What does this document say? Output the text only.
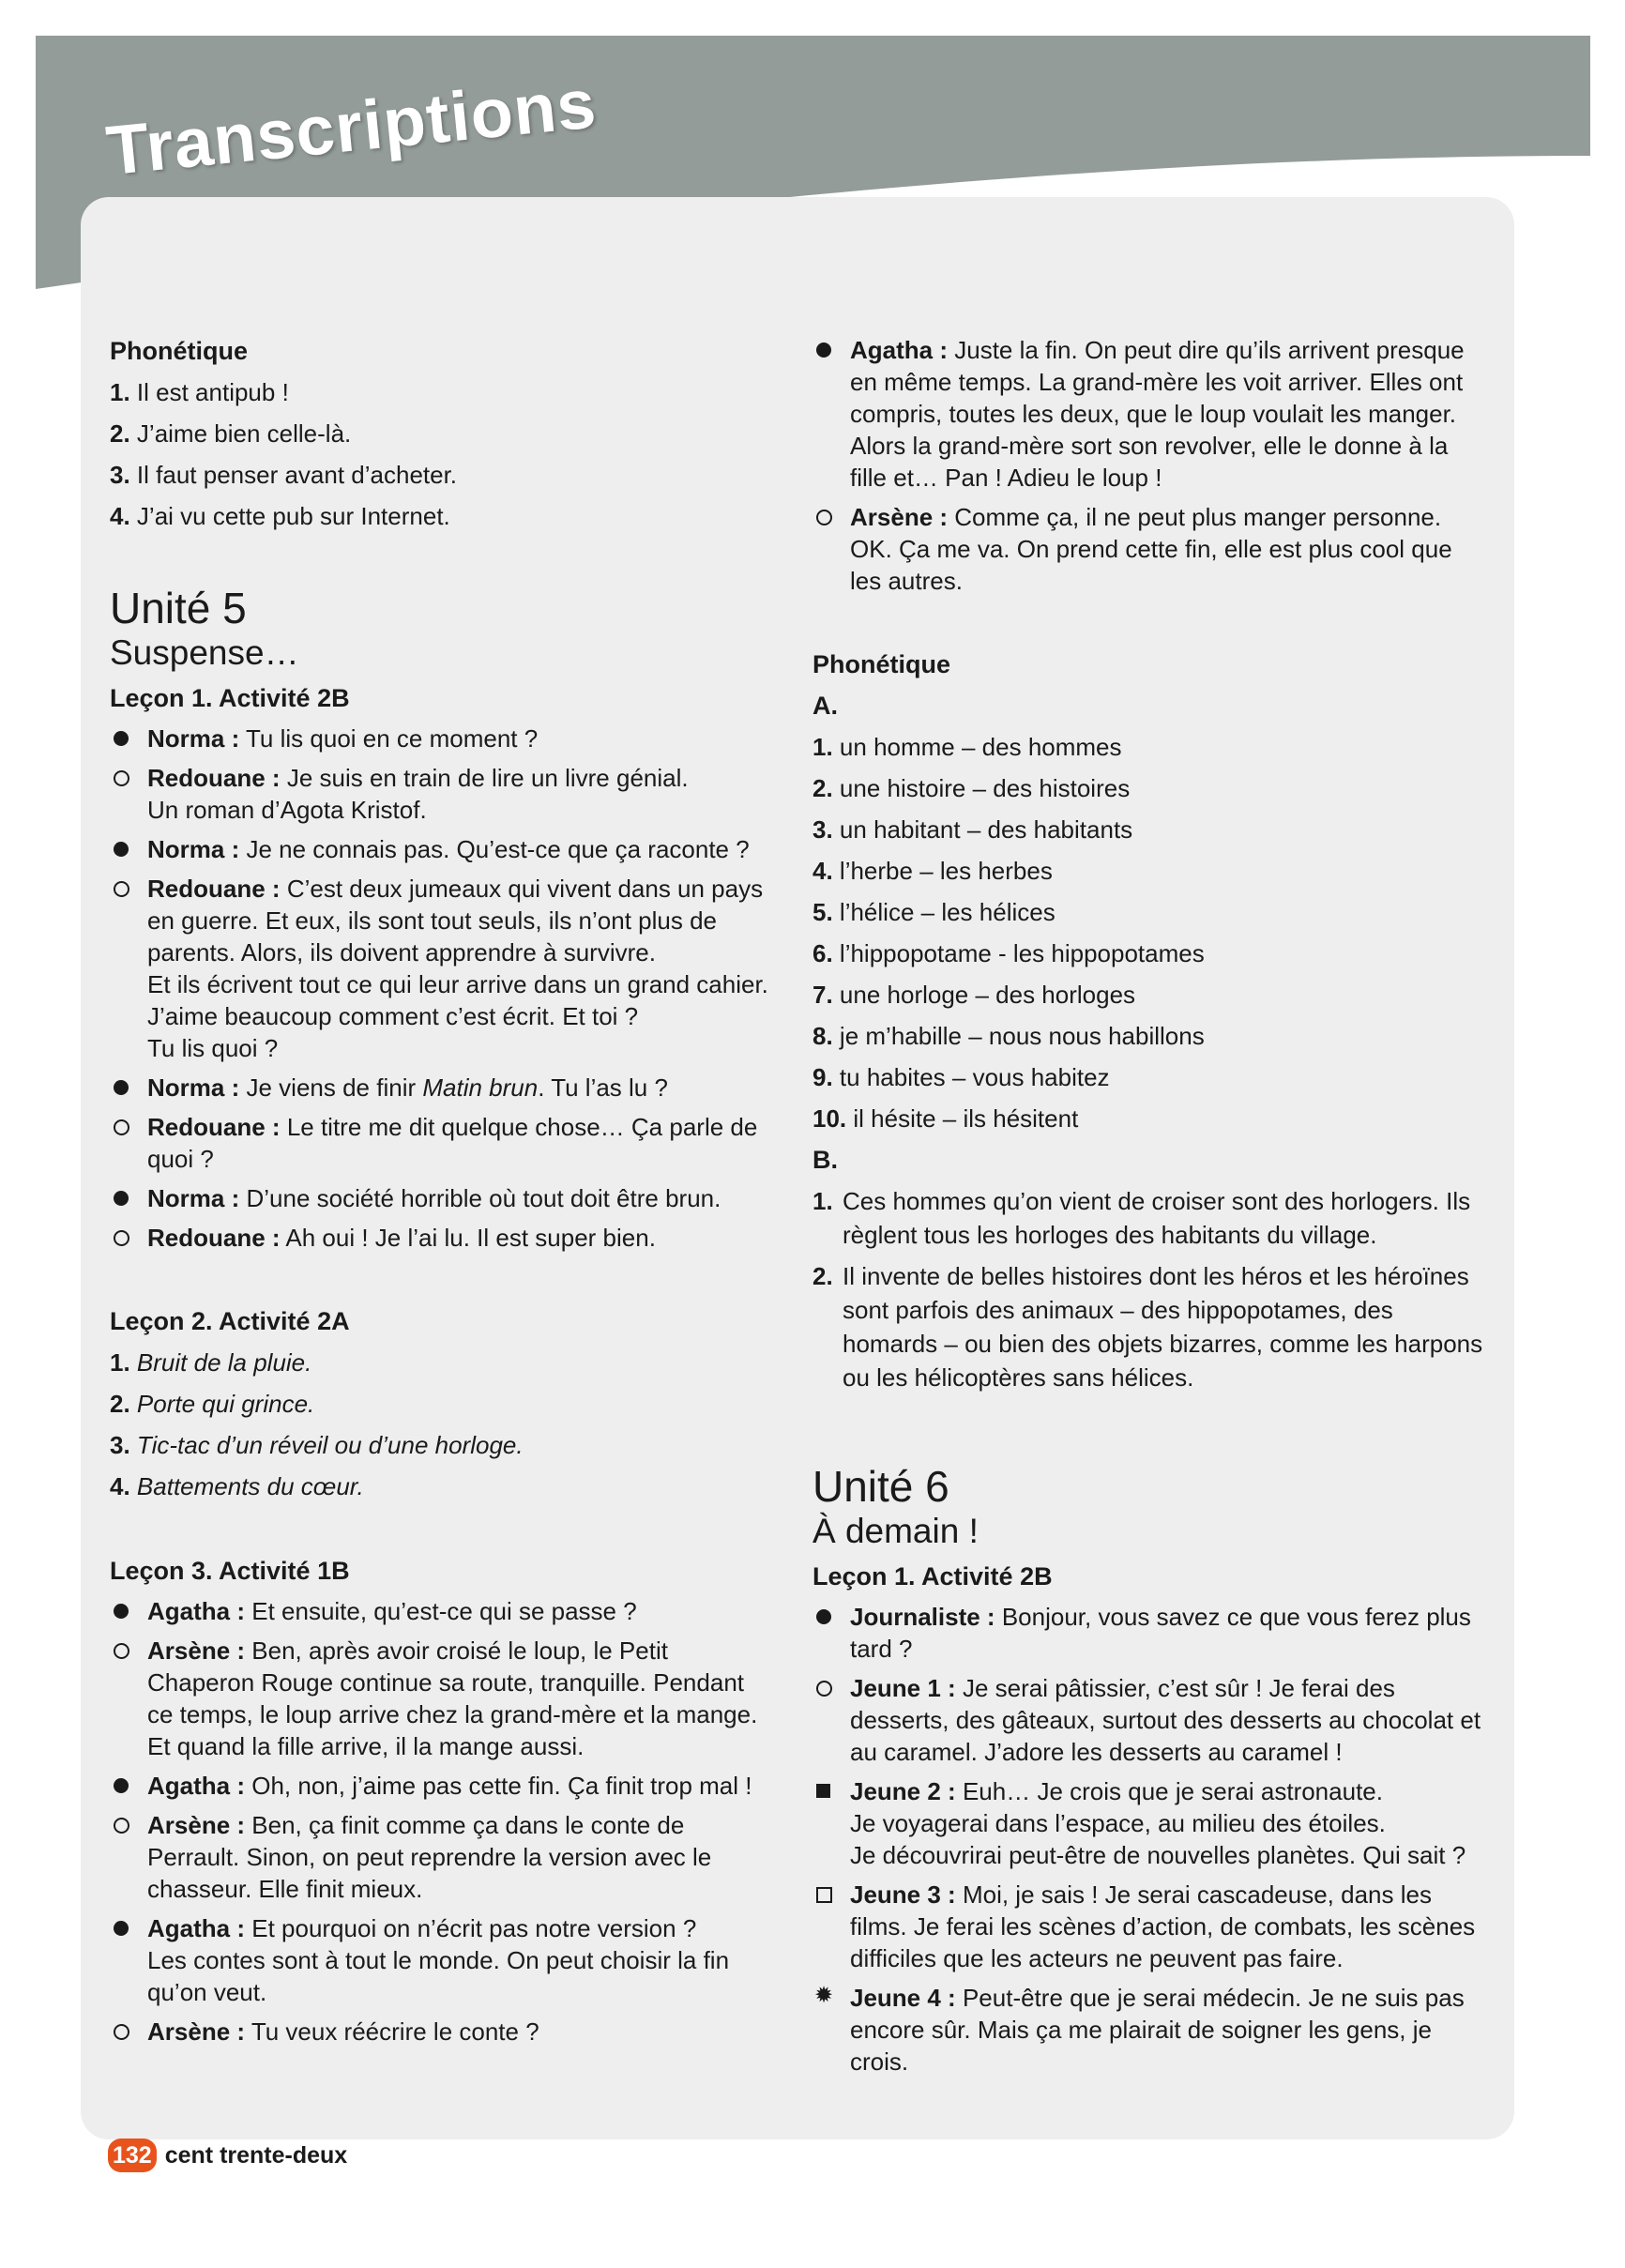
Transcriptions
Phonétique
1. Il est antipub !
2. J’aime bien celle-là.
3. Il faut penser avant d’acheter.
4. J’ai vu cette pub sur Internet.
Unité 5
Suspense…
Leçon 1. Activité 2B
Norma : Tu lis quoi en ce moment ?
Redouane : Je suis en train de lire un livre génial.
Un roman d’Agota Kristof.
Norma : Je ne connais pas. Qu’est-ce que ça raconte ?
Redouane : C’est deux jumeaux qui vivent dans un pays en guerre. Et eux, ils sont tout seuls, ils n’ont plus de parents. Alors, ils doivent apprendre à survivre.
Et ils écrivent tout ce qui leur arrive dans un grand cahier. J’aime beaucoup comment c’est écrit. Et toi ?
Tu lis quoi ?
Norma : Je viens de finir Matin brun. Tu l’as lu ?
Redouane : Le titre me dit quelque chose… Ça parle de quoi ?
Norma : D’une société horrible où tout doit être brun.
Redouane : Ah oui ! Je l’ai lu. Il est super bien.
Leçon 2. Activité 2A
1. Bruit de la pluie.
2. Porte qui grince.
3. Tic-tac d’un réveil ou d’une horloge.
4. Battements du cœur.
Leçon 3. Activité 1B
Agatha : Et ensuite, qu’est-ce qui se passe ?
Arsène : Ben, après avoir croisé le loup, le Petit Chaperon Rouge continue sa route, tranquille. Pendant ce temps, le loup arrive chez la grand-mère et la mange. Et quand la fille arrive, il la mange aussi.
Agatha : Oh, non, j’aime pas cette fin. Ça finit trop mal !
Arsène : Ben, ça finit comme ça dans le conte de Perrault. Sinon, on peut reprendre la version avec le chasseur. Elle finit mieux.
Agatha : Et pourquoi on n’écrit pas notre version ?
Les contes sont à tout le monde. On peut choisir la fin qu’on veut.
Arsène : Tu veux réécrire le conte ?
Agatha : Juste la fin. On peut dire qu’ils arrivent presque en même temps. La grand-mère les voit arriver. Elles ont compris, toutes les deux, que le loup voulait les manger. Alors la grand-mère sort son revolver, elle le donne à la fille et… Pan ! Adieu le loup !
Arsène : Comme ça, il ne peut plus manger personne. OK. Ça me va. On prend cette fin, elle est plus cool que les autres.
Phonétique
A.
1. un homme – des hommes
2. une histoire – des histoires
3. un habitant – des habitants
4. l’herbe – les herbes
5. l’hélice – les hélices
6. l’hippopotame - les hippopotames
7. une horloge – des horloges
8. je m’habille – nous nous habillons
9. tu habites – vous habitez
10. il hésite – ils hésitent
B.
1. Ces hommes qu’on vient de croiser sont des horlogers. Ils règlent tous les horloges des habitants du village.
2. Il invente de belles histoires dont les héros et les héroïnes sont parfois des animaux – des hippopotames, des homards – ou bien des objets bizarres, comme les harpons ou les hélicoptères sans hélices.
Unité 6
À demain !
Leçon 1. Activité 2B
Journaliste : Bonjour, vous savez ce que vous ferez plus tard ?
Jeune 1 : Je serai pâtissier, c’est sûr ! Je ferai des desserts, des gâteaux, surtout des desserts au chocolat et au caramel. J’adore les desserts au caramel !
Jeune 2 : Euh… Je crois que je serai astronaute.
Je voyagerai dans l’espace, au milieu des étoiles.
Je découvrirai peut-être de nouvelles planètes. Qui sait ?
Jeune 3 : Moi, je sais ! Je serai cascadeuse, dans les films. Je ferai les scènes d’action, de combats, les scènes difficiles que les acteurs ne peuvent pas faire.
✹ Jeune 4 : Peut-être que je serai médecin. Je ne suis pas encore sûr. Mais ça me plairait de soigner les gens, je crois.
132 cent trente-deux
